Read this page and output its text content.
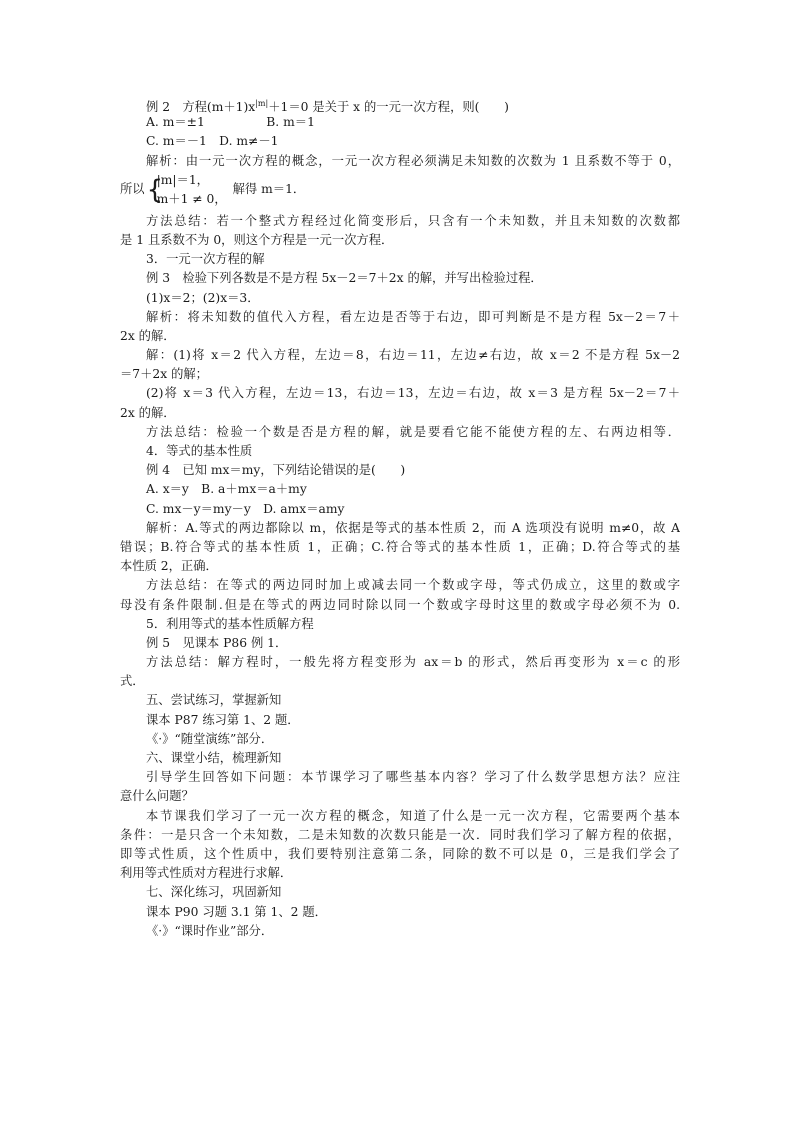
例 2　方程$(m+1)x^{|m|}+1=0$ 是关于 x 的一元一次方程，则(　　)
A. m＝±1　　　　　B. m＝1
C. m＝－1　D. m≠－1
解析：由一元一次方程的概念，一元一次方程必须满足未知数的次数为 1 且系数不等于 0，
所以 {
|m|＝1，
m＋1 ≠ 0，
解得 m＝1．
方法总结：若一个整式方程经过化简变形后，只含有一个未知数，并且未知数的次数都
是 1 且系数不为 0，则这个方程是一元一次方程．
3．一元一次方程的解
例 3　检验下列各数是不是方程 5x－2＝7＋2x 的解，并写出检验过程．
(1)x＝2；(2)x＝3．
解析：将未知数的值代入方程，看左边是否等于右边，即可判断是不是方程 5x－2＝7＋
2x 的解．
解：(1)将 x＝2 代入方程，左边＝8，右边＝11，左边≠右边，故 x＝2 不是方程 5x－2
＝7＋2x 的解；
(2)将 x＝3 代入方程，左边＝13，右边＝13，左边＝右边，故 x＝3 是方程 5x－2＝7＋
2x 的解．
方法总结：检验一个数是否是方程的解，就是要看它能不能使方程的左、右两边相等．
4．等式的基本性质
例 4　已知 mx＝my，下列结论错误的是(　　)
A. x＝y　B. a＋mx＝a＋my
C. mx－y＝my－y　D. amx＝amy
解析：A.等式的两边都除以 m，依据是等式的基本性质 2，而 A 选项没有说明 m≠0，故 A
错误；B.符合等式的基本性质 1，正确；C.符合等式的基本性质 1，正确；D.符合等式的基
本性质 2，正确．
方法总结：在等式的两边同时加上或减去同一个数或字母，等式仍成立，这里的数或字
母没有条件限制.但是在等式的两边同时除以同一个数或字母时这里的数或字母必须不为 0.
5．利用等式的基本性质解方程
例 5　见课本 P86 例 1．
方法总结：解方程时，一般先将方程变形为 ax＝b 的形式，然后再变形为 x＝c 的形
式．
五、尝试练习，掌握新知
课本 P87 练习第 1、2 题．
《·》“随堂演练”部分．
六、课堂小结，梳理新知
引导学生回答如下问题：本节课学习了哪些基本内容？学习了什么数学思想方法？应注
意什么问题？
本节课我们学习了一元一次方程的概念，知道了什么是一元一次方程，它需要两个基本
条件：一是只含一个未知数，二是未知数的次数只能是一次．同时我们学习了解方程的依据，
即等式性质，这个性质中，我们要特别注意第二条，同除的数不可以是 0，三是我们学会了
利用等式性质对方程进行求解．
七、深化练习，巩固新知
课本 P90 习题 3.1 第 1、2 题．
《·》“课时作业”部分．
